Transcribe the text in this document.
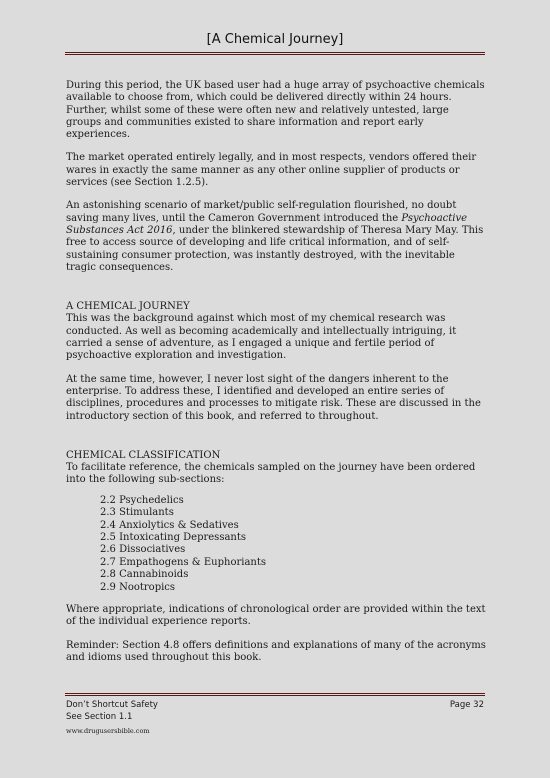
[A Chemical Journey]

During this period, the UK based user had a huge array of psychoactive chemicals available to choose from, which could be delivered directly within 24 hours. Further, whilst some of these were often new and relatively untested, large groups and communities existed to share information and report early experiences.

The market operated entirely legally, and in most respects, vendors offered their wares in exactly the same manner as any other online supplier of products or services (see Section 1.2.5).

An astonishing scenario of market/public self-regulation flourished, no doubt saving many lives, until the Cameron Government introduced the Psychoactive Substances Act 2016, under the blinkered stewardship of Theresa Mary May. This free to access source of developing and life critical information, and of self-sustaining consumer protection, was instantly destroyed, with the inevitable tragic consequences.

A CHEMICAL JOURNEY
This was the background against which most of my chemical research was conducted. As well as becoming academically and intellectually intriguing, it carried a sense of adventure, as I engaged a unique and fertile period of psychoactive exploration and investigation.

At the same time, however, I never lost sight of the dangers inherent to the enterprise. To address these, I identified and developed an entire series of disciplines, procedures and processes to mitigate risk. These are discussed in the introductory section of this book, and referred to throughout.

CHEMICAL CLASSIFICATION
To facilitate reference, the chemicals sampled on the journey have been ordered into the following sub-sections:

2.2 Psychedelics
2.3 Stimulants
2.4 Anxiolytics & Sedatives
2.5 Intoxicating Depressants
2.6 Dissociatives
2.7 Empathogens & Euphoriants
2.8 Cannabinoids
2.9 Nootropics

Where appropriate, indications of chronological order are provided within the text of the individual experience reports.

Reminder: Section 4.8 offers definitions and explanations of many of the acronyms and idioms used throughout this book.

Don’t Shortcut Safety
See Section 1.1
www.drugusersbible.com
Page 32
